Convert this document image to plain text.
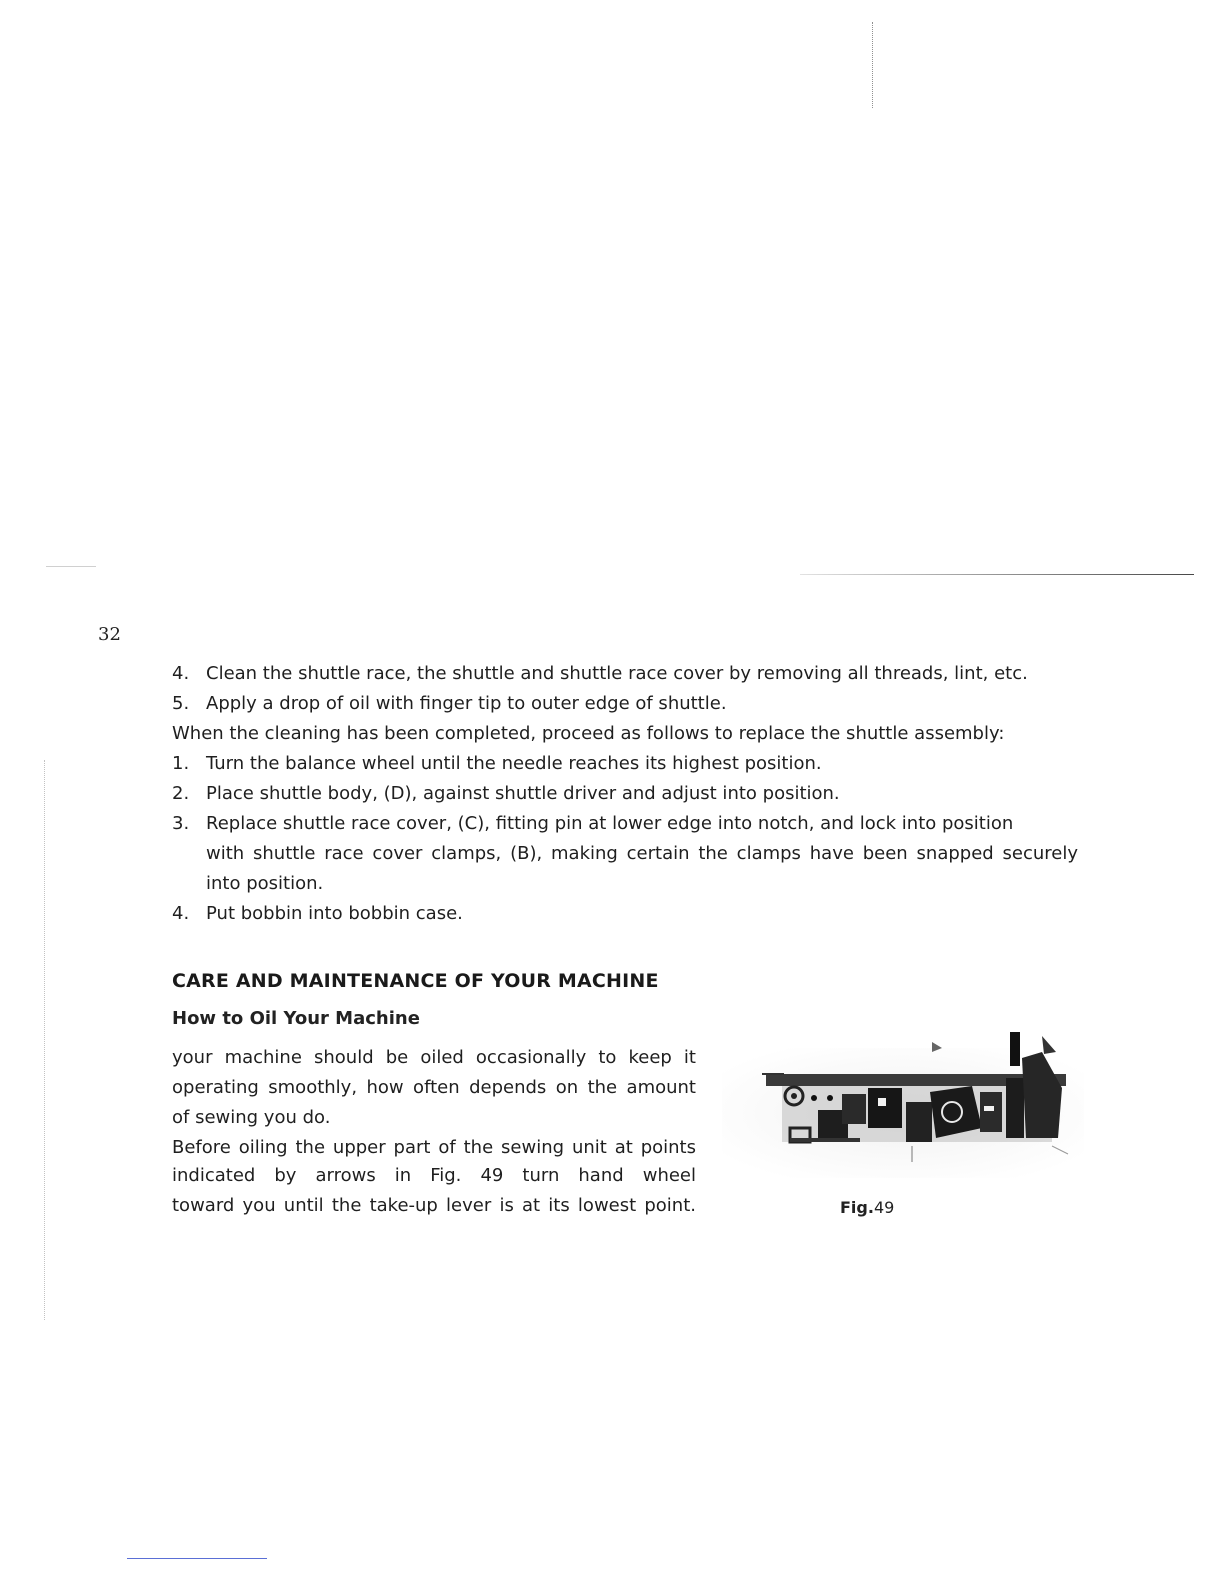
32
4. Clean the shuttle race, the shuttle and shuttle race cover by removing all threads, lint, etc.
5. Apply a drop of oil with finger tip to outer edge of shuttle.
When the cleaning has been completed, proceed as follows to replace the shuttle assembly:
1. Turn the balance wheel until the needle reaches its highest position.
2. Place shuttle body, (D), against shuttle driver and adjust into position.
3. Replace shuttle race cover, (C), fitting pin at lower edge into notch, and lock into position
with shuttle race cover clamps, (B), making certain the clamps have been snapped securely
into position.
4. Put bobbin into bobbin case.
CARE AND MAINTENANCE OF YOUR MACHINE
How to Oil Your Machine
your machine should be oiled occasionally to keep it
operating smoothly, how often depends on the amount
of sewing you do.
Before oiling the upper part of the sewing unit at points
indicated by arrows in Fig. 49 turn hand wheel
toward you until the take-up lever is at its lowest point.	Fig.49
